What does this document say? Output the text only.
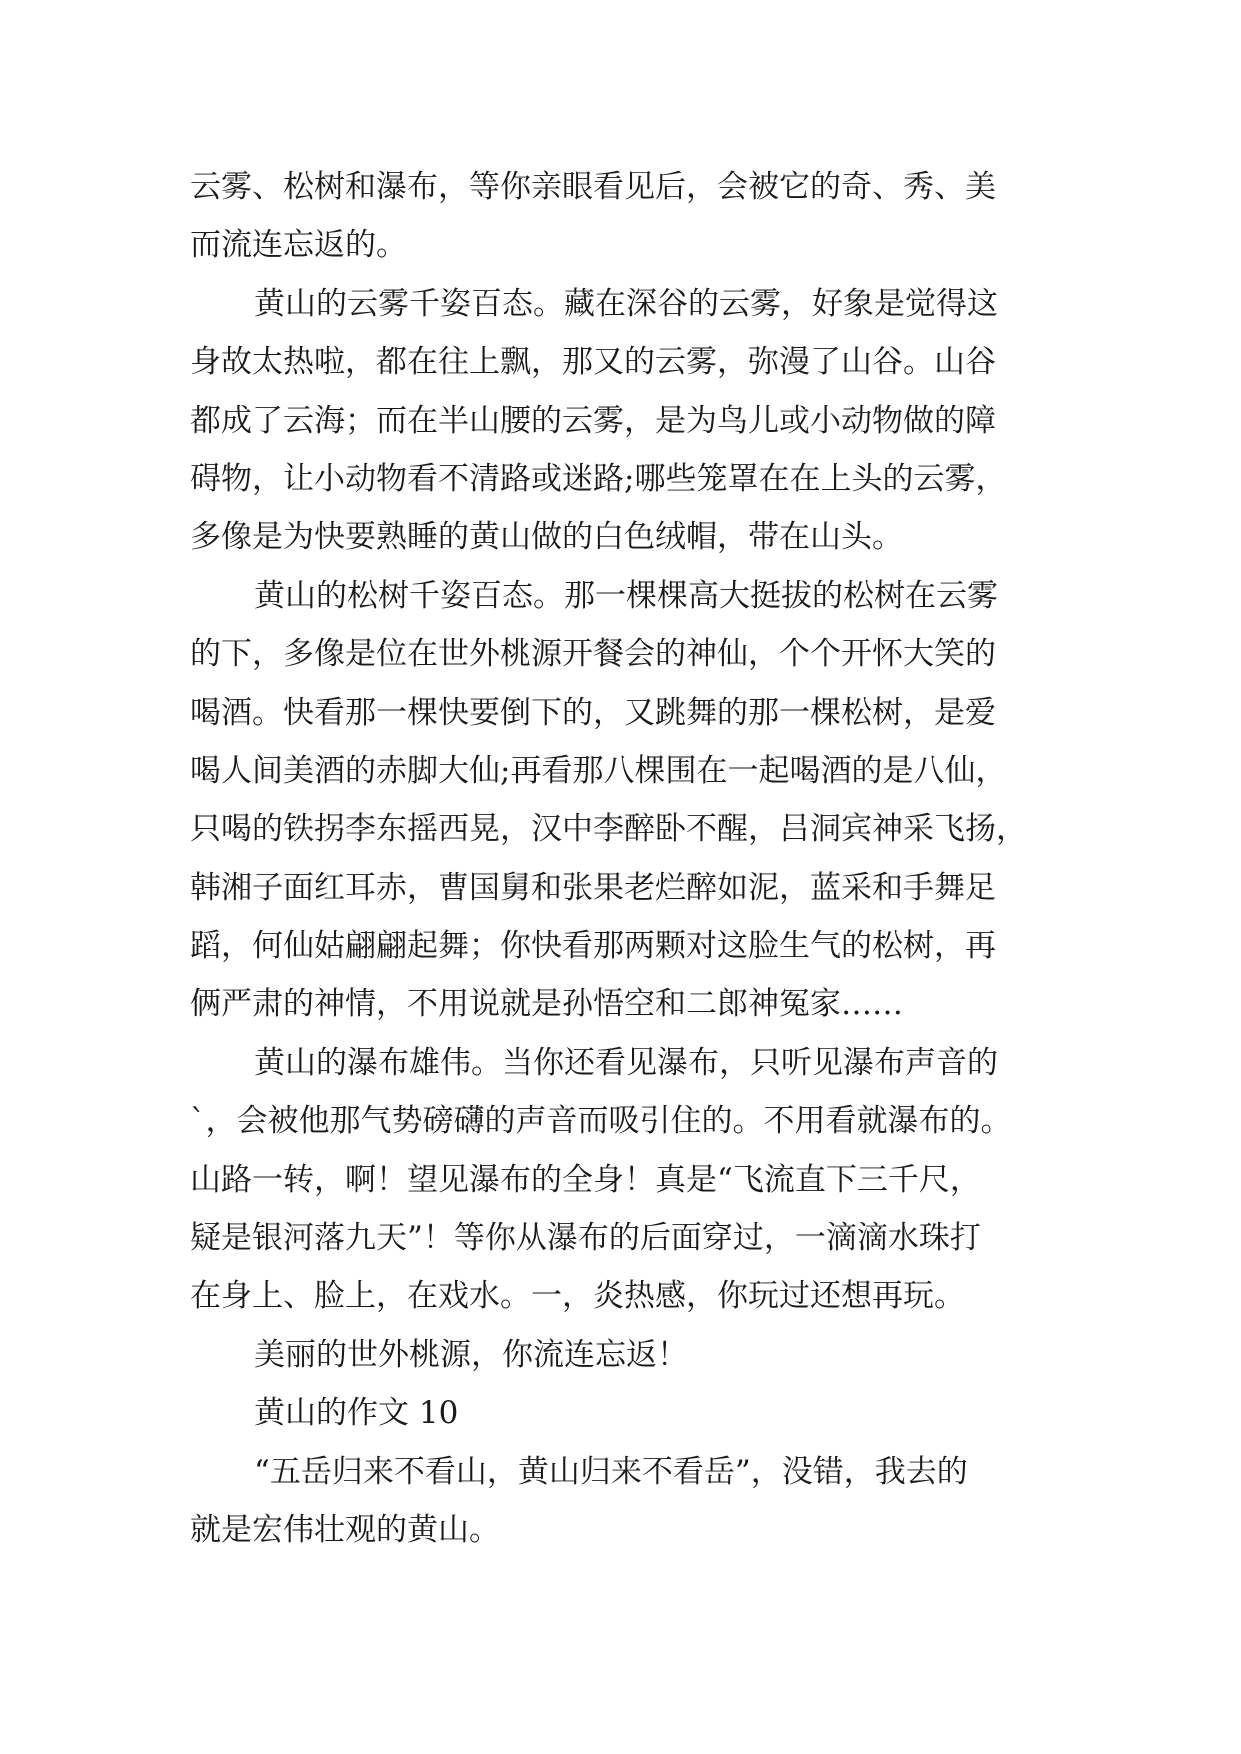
云雾、松树和瀑布，等你亲眼看见后，会被它的奇、秀、美
而流连忘返的。
黄山的云雾千姿百态。藏在深谷的云雾，好象是觉得这
身故太热啦，都在往上飘，那又的云雾，弥漫了山谷。山谷
都成了云海；而在半山腰的云雾，是为鸟儿或小动物做的障
碍物，让小动物看不清路或迷路;哪些笼罩在在上头的云雾，
多像是为快要熟睡的黄山做的白色绒帽，带在山头。
黄山的松树千姿百态。那一棵棵高大挺拔的松树在云雾
的下，多像是位在世外桃源开餐会的神仙，个个开怀大笑的
喝酒。快看那一棵快要倒下的，又跳舞的那一棵松树，是爱
喝人间美酒的赤脚大仙;再看那八棵围在一起喝酒的是八仙，
只喝的铁拐李东摇西晃，汉中李醉卧不醒，吕洞宾神采飞扬，
韩湘子面红耳赤，曹国舅和张果老烂醉如泥，蓝采和手舞足
蹈，何仙姑翩翩起舞；你快看那两颗对这脸生气的松树，再
俩严肃的神情，不用说就是孙悟空和二郎神冤家……
黄山的瀑布雄伟。当你还看见瀑布，只听见瀑布声音的
`，会被他那气势磅礴的声音而吸引住的。不用看就瀑布的。
山路一转，啊！望见瀑布的全身！真是“飞流直下三千尺，
疑是银河落九天”！等你从瀑布的后面穿过，一滴滴水珠打
在身上、脸上，在戏水。一，炎热感，你玩过还想再玩。
美丽的世外桃源，你流连忘返！
黄山的作文 10
“五岳归来不看山，黄山归来不看岳”，没错，我去的
就是宏伟壮观的黄山。
